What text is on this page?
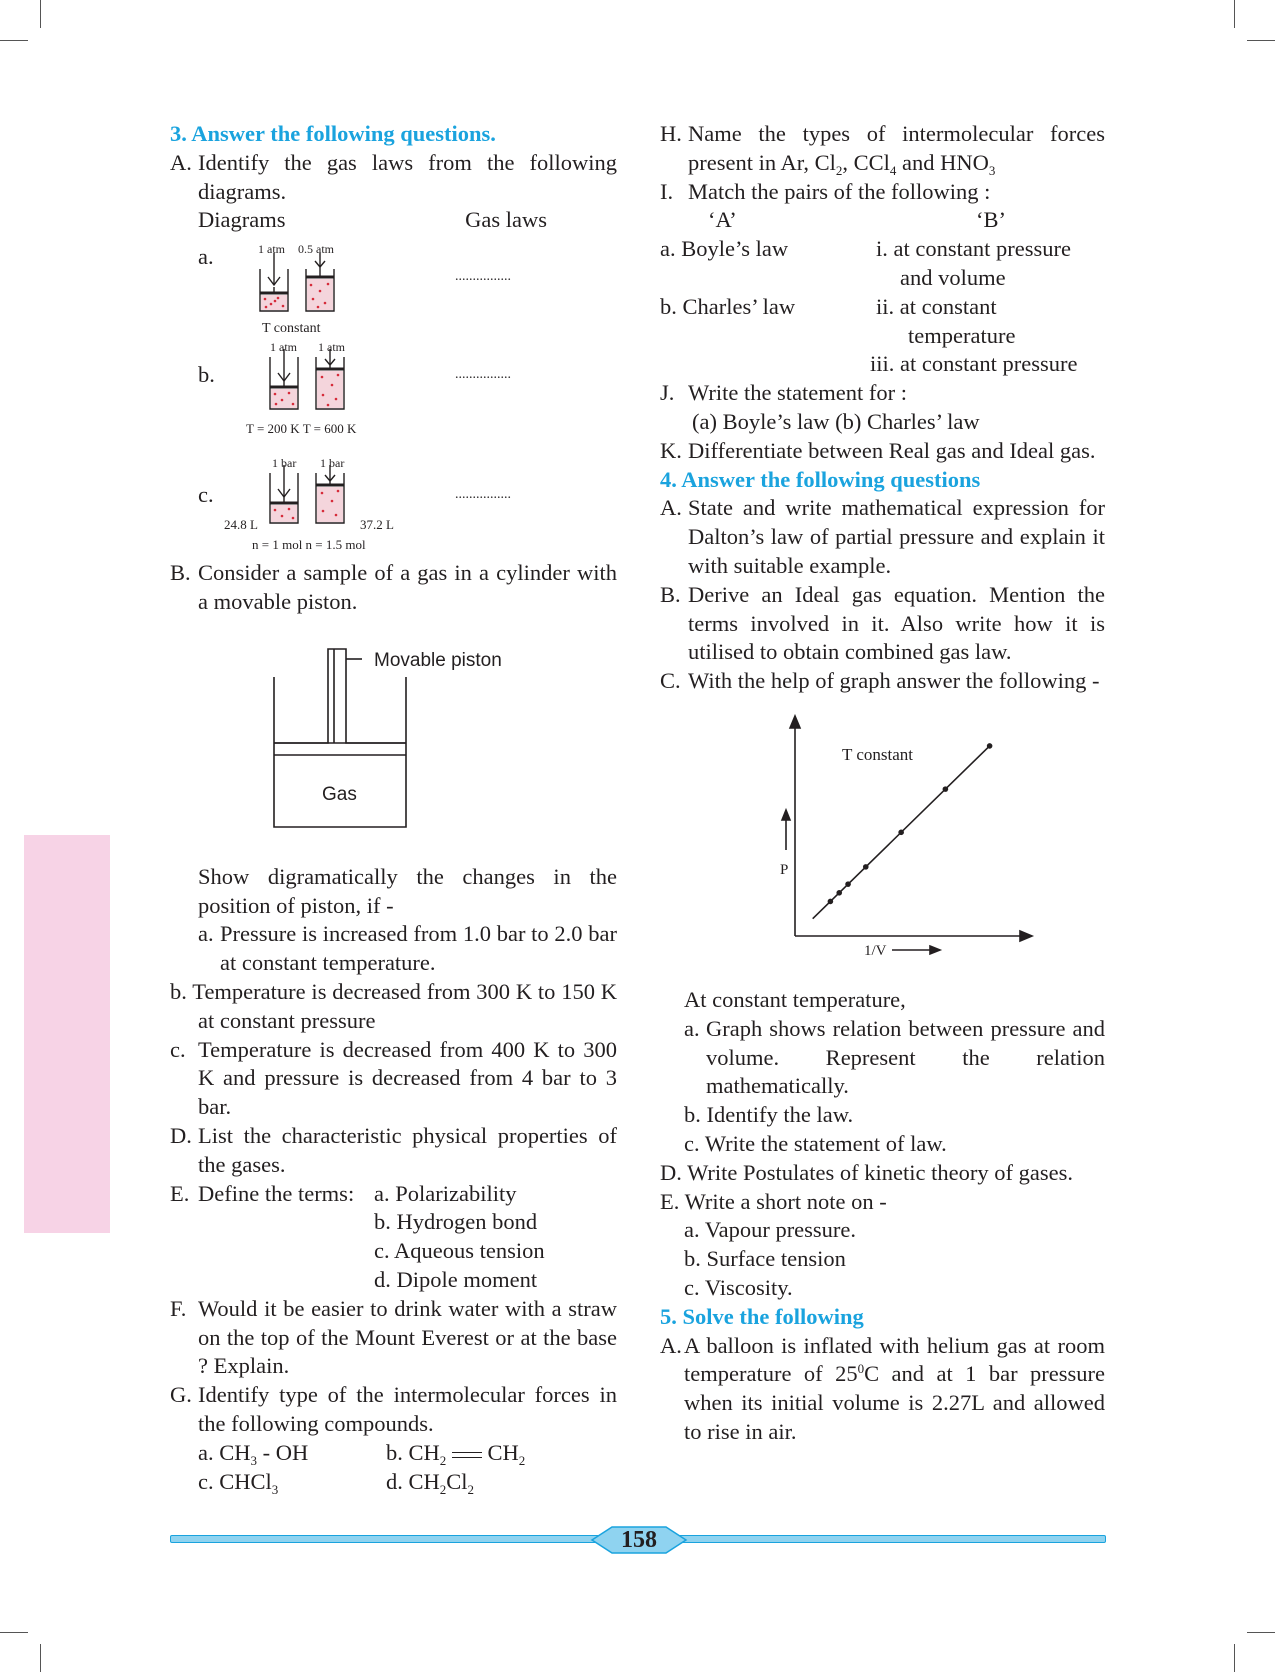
3. Answer the following questions.
A. Identify the gas laws from the following diagrams.
Diagrams	Gas laws
a.	1 atm 0.5 atm
T constant
................
b.
1 atm 1 atm
T = 200 K T = 600 K
................
c.
1 bar 1 bar
24.8 L	37.2 L
n = 1 mol n = 1.5 mol
................
B. Consider a sample of a gas in a cylinder with a movable piston.
Movable piston
Gas
Show digramatically the changes in the position of piston, if -
a. Pressure is increased from 1.0 bar to 2.0 bar at constant temperature.
b. Temperature is decreased from 300 K to 150 K at constant pressure
c. Temperature is decreased from 400 K to 300 K and pressure is decreased from 4 bar to 3 bar.
D. List the characteristic physical properties of the gases.
E. Define the terms: a. Polarizability
b. Hydrogen bond
c. Aqueous tension
d. Dipole moment
F. Would it be easier to drink water with a straw on the top of the Mount Everest or at the base ? Explain.
G. Identify type of the intermolecular forces in the following compounds.
a. $CH_3$ - OH	b. $CH_2$ $CH_2$
c. CHCl$_3$	d. $CH_2Cl_2$
H. Name the types of intermolecular forces
present in Ar, $Cl_2$, CCl$_4$ and $HNO_3$
I. Match the pairs of the following :
‘A’	‘B’
a. Boyle’s law	i. at constant pressure
and volume
b. Charles’ law	ii. at constant
temperature
iii. at constant pressure
J. Write the statement for :
(a) Boyle’s law (b) Charles’ law
K. Differentiate between Real gas and Ideal gas.
4. Answer the following questions
A. State and write mathematical expression for Dalton’s law of partial pressure and explain it with suitable example.
B. Derive an Ideal gas equation. Mention the terms involved in it. Also write how it is utilised to obtain combined gas law.
C. With the help of graph answer the following -
T constant
P
1/V
At constant temperature,
a. Graph shows relation between pressure and volume. Represent the relation mathematically.
b. Identify the law.
c. Write the statement of law.
D. Write Postulates of kinetic theory of gases.
E. Write a short note on -
a. Vapour pressure.
b. Surface tension
c. Viscosity.
5. Solve the following
A. A balloon is inflated with helium gas at room temperature of $25^0C$ and at 1 bar pressure when its initial volume is 2.27L and allowed to rise in air.
158
